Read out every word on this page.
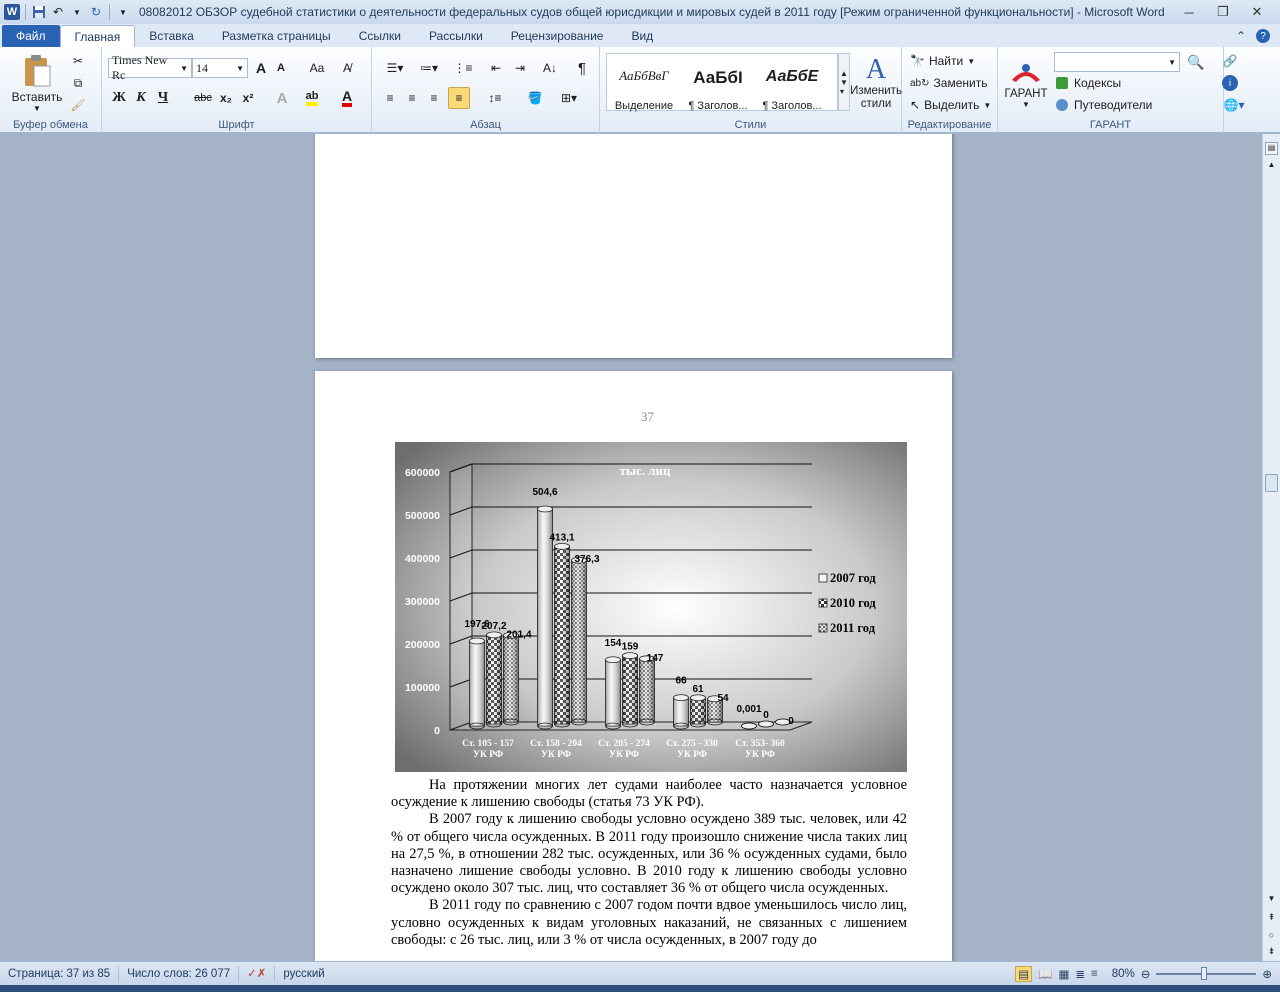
W	↶	▼ ↻	▼	08082012 ОБЗОР судебной статистики о деятельности федеральных судов общей юрисдикции и мировых судей в 2011 году [Режим ограниченной функциональности] - Microsoft Word	─	❐	✕
Файл	Главная	Вставка	Разметка страницы	Ссылки	Рассылки	Рецензирование	Вид	⌃	?
Вставить
▼
✂
⧉
🖌
Буфер обмена
Times New Rc	▼ 14	▼ A A	Aa	A̸
Ж К Ч	abc x₂ x²	A	ab A
Шрифт
☰▾	≔▾	⋮≡	⇤	⇥	A↓	¶
≡	≡	≡	≡	↕≡	🪣	⊞▾
Абзац
АаБбВвГ
Выделение
АаБбI
¶ Заголов...
АаБбЕ
¶ Заголов...
▲
▼
▾
A
Изменить стили
Стили
🔭 Найти ▼
ab↻ Заменить
↖ Выделить ▼
Редактирование
ГАРАНТ
▼
▼ 🔍
Кодексы
Путеводители
ГАРАНТ
🔗
i
🌐▾
37
0
100000
200000
300000
400000
500000
600000
197,6
207,2
201,4
504,6
413,1
376,3
154 159
147
66
61
54
0,001
0
0
Ст. 105 - 157
УК РФ
Ст. 158 - 204
УК РФ
Ст. 205 - 274
УК РФ
Ст. 275 - 330
УК РФ
Ст. 353- 360
УК РФ
тыс. лиц
2007 год
2010 год
2011 год

На протяжении многих лет судами наиболее часто назначается условное осуждение к лишению свободы (статья 73 УК РФ).

В 2007 году к лишению свободы условно осуждено 389 тыс. человек, или 42 % от общего числа осужденных. В 2011 году произошло снижение числа таких лиц на 27,5 %, в отношении 282 тыс. осужденных, или 36 % осужденных судами, было назначено лишение свободы условно. В 2010 году к лишению свободы условно осуждено около 307 тыс. лиц, что составляет 36 % от общего числа осужденных.

В 2011 году по сравнению с 2007 годом почти вдвое уменьшилось число лиц, условно осужденных к видам уголовных наказаний, не связанных с лишением свободы: с 26 тыс. лиц, или 3 % от числа осужденных, в 2007 году до

▤
▲
▼
⇞
○
⇟
Страница: 37 из 85	Число слов: 26 077	✓✗	русский	▤ 📖 ▦ ≣ ≡ 80% ⊖	⊕
